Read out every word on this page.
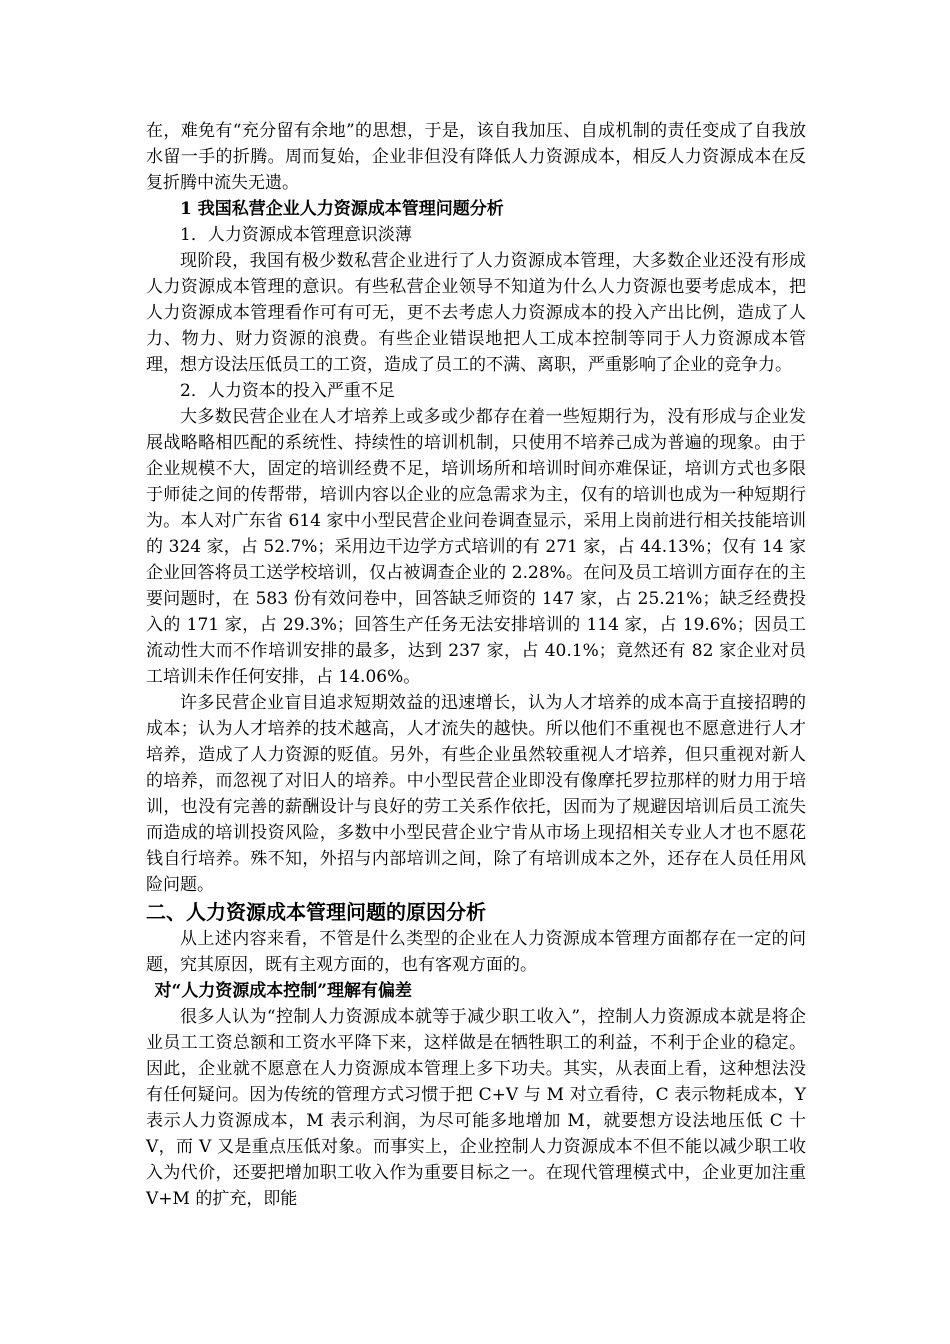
在，难免有“充分留有余地”的思想，于是，该自我加压、自成机制的责任变成了自我放水留一手的折腾。周而复始，企业非但没有降低人力资源成本，相反人力资源成本在反复折腾中流失无遗。

1 我国私营企业人力资源成本管理问题分析

1．人力资源成本管理意识淡薄

现阶段，我国有极少数私营企业进行了人力资源成本管理，大多数企业还没有形成人力资源成本管理的意识。有些私营企业领导不知道为什么人力资源也要考虑成本，把人力资源成本管理看作可有可无，更不去考虑人力资源成本的投入产出比例，造成了人力、物力、财力资源的浪费。有些企业错误地把人工成本控制等同于人力资源成本管理，想方设法压低员工的工资，造成了员工的不满、离职，严重影响了企业的竞争力。

2．人力资本的投入严重不足

大多数民营企业在人才培养上或多或少都存在着一些短期行为，没有形成与企业发展战略略相匹配的系统性、持续性的培训机制，只使用不培养己成为普遍的现象。由于企业规模不大，固定的培训经费不足，培训场所和培训时间亦难保证，培训方式也多限于师徒之间的传帮带，培训内容以企业的应急需求为主，仅有的培训也成为一种短期行为。本人对广东省 614 家中小型民营企业问卷调查显示，采用上岗前进行相关技能培训的 324 家，占 52.7%；采用边干边学方式培训的有 271 家，占 44.13%；仅有 14 家企业回答将员工送学校培训，仅占被调查企业的 2.28%。在问及员工培训方面存在的主要问题时，在 583 份有效问卷中，回答缺乏师资的 147 家，占 25.21%；缺乏经费投入的 171 家，占 29.3%；回答生产任务无法安排培训的 114 家，占 19.6%；因员工流动性大而不作培训安排的最多，达到 237 家，占 40.1%；竟然还有 82 家企业对员工培训未作任何安排，占 14.06%。

许多民营企业盲目追求短期效益的迅速增长，认为人才培养的成本高于直接招聘的成本；认为人才培养的技术越高，人才流失的越快。所以他们不重视也不愿意进行人才培养，造成了人力资源的贬值。另外，有些企业虽然较重视人才培养，但只重视对新人的培养，而忽视了对旧人的培养。中小型民营企业即没有像摩托罗拉那样的财力用于培训，也没有完善的薪酬设计与良好的劳工关系作依托，因而为了规避因培训后员工流失而造成的培训投资风险，多数中小型民营企业宁肯从市场上现招相关专业人才也不愿花钱自行培养。殊不知，外招与内部培训之间，除了有培训成本之外，还存在人员任用风险问题。

二、人力资源成本管理问题的原因分析

从上述内容来看，不管是什么类型的企业在人力资源成本管理方面都存在一定的问题，究其原因，既有主观方面的，也有客观方面的。

对“人力资源成本控制”理解有偏差

很多人认为“控制人力资源成本就等于减少职工收入”，控制人力资源成本就是将企业员工工资总额和工资水平降下来，这样做是在牺牲职工的利益，不利于企业的稳定。因此，企业就不愿意在人力资源成本管理上多下功夫。其实，从表面上看，这种想法没有任何疑问。因为传统的管理方式习惯于把 C+V 与 M 对立看待，C 表示物耗成本，Y 表示人力资源成本，M 表示利润，为尽可能多地增加 M，就要想方设法地压低 C 十 V，而 V 又是重点压低对象。而事实上，企业控制人力资源成本不但不能以减少职工收入为代价，还要把增加职工收入作为重要目标之一。在现代管理模式中，企业更加注重 V+M 的扩充，即能
